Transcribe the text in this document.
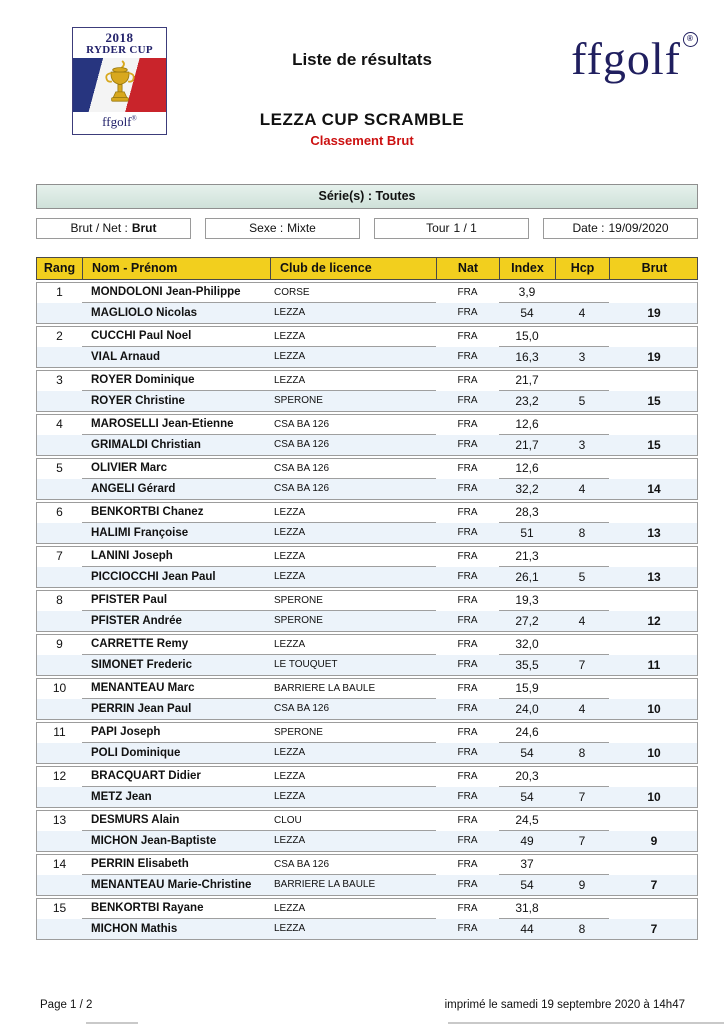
2018
RYDER CUP
ffgolf®
Liste de résultats	ffgolf ®
LEZZA CUP SCRAMBLE
Classement Brut
Série(s) : Toutes
Brut / Net : Brut	Sexe : Mixte	Tour 1 / 1	Date : 19/09/2020
Rang	Nom - Prénom	Club de licence	Nat	Index	Hcp	Brut
1	MONDOLONI Jean-Philippe	CORSE	FRA	3,9
MAGLIOLO Nicolas	LEZZA	FRA	54	4	19
2	CUCCHI Paul Noel	LEZZA	FRA	15,0
VIAL Arnaud	LEZZA	FRA	16,3	3	19
3	ROYER Dominique	LEZZA	FRA	21,7
ROYER Christine	SPERONE	FRA	23,2	5	15
4	MAROSELLI Jean-Etienne	CSA BA 126	FRA	12,6
GRIMALDI Christian	CSA BA 126	FRA	21,7	3	15
5	OLIVIER Marc	CSA BA 126	FRA	12,6
ANGELI Gérard	CSA BA 126	FRA	32,2	4	14
6	BENKORTBI Chanez	LEZZA	FRA	28,3
HALIMI Françoise	LEZZA	FRA	51	8	13
7	LANINI Joseph	LEZZA	FRA	21,3
PICCIOCCHI Jean Paul	LEZZA	FRA	26,1	5	13
8	PFISTER Paul	SPERONE	FRA	19,3
PFISTER Andrée	SPERONE	FRA	27,2	4	12
9	CARRETTE Remy	LEZZA	FRA	32,0
SIMONET Frederic	LE TOUQUET	FRA	35,5	7	11
10	MENANTEAU Marc	BARRIERE LA BAULE	FRA	15,9
PERRIN Jean Paul	CSA BA 126	FRA	24,0	4	10
11	PAPI Joseph	SPERONE	FRA	24,6
POLI Dominique	LEZZA	FRA	54	8	10
12	BRACQUART Didier	LEZZA	FRA	20,3
METZ Jean	LEZZA	FRA	54	7	10
13	DESMURS Alain	CLOU	FRA	24,5
MICHON Jean-Baptiste	LEZZA	FRA	49	7	9
14	PERRIN Elisabeth	CSA BA 126	FRA	37
MENANTEAU Marie-Christine	BARRIERE LA BAULE	FRA	54	9	7
15	BENKORTBI Rayane	LEZZA	FRA	31,8
MICHON Mathis	LEZZA	FRA	44	8	7
Page 1 / 2	imprimé le samedi 19 septembre 2020 à 14h47
